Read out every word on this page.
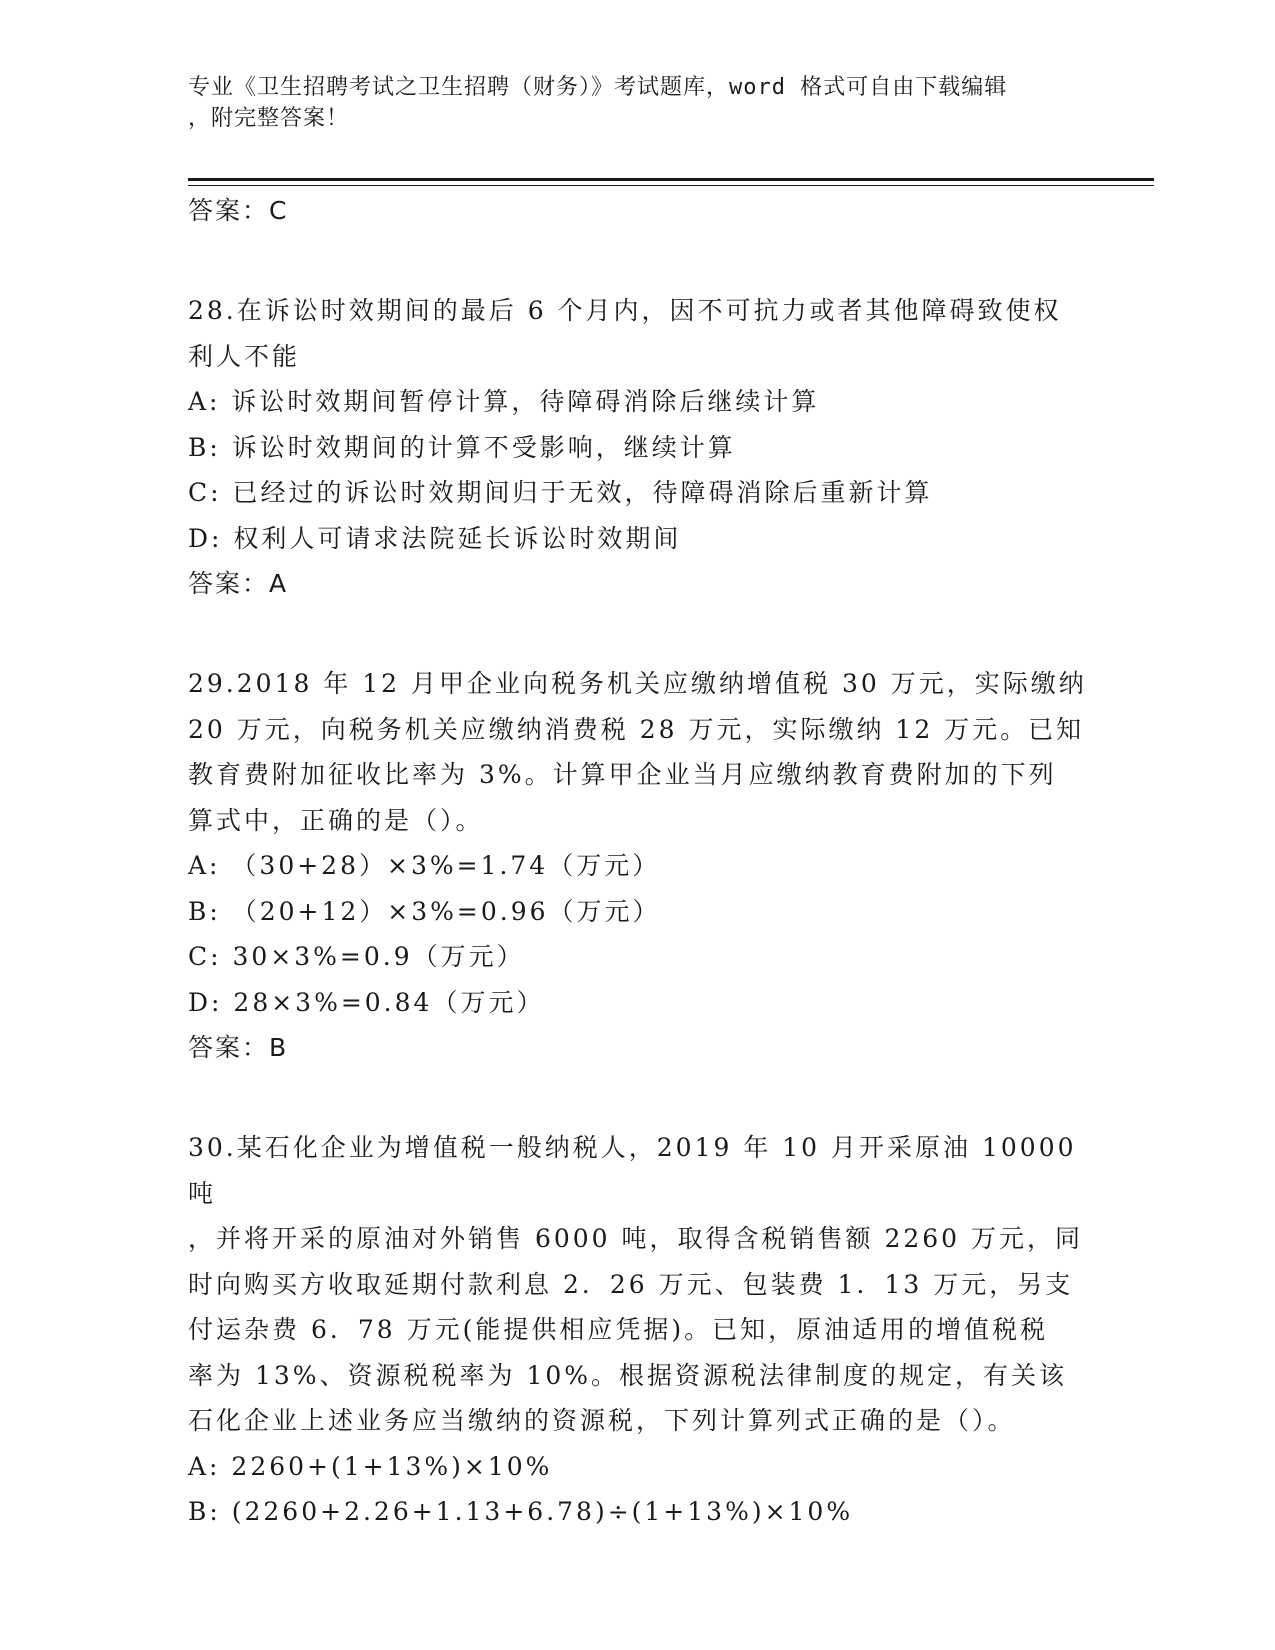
专业《卫生招聘考试之卫生招聘（财务）》考试题库，word 格式可自由下载编辑
，附完整答案！
答案：C
28.在诉讼时效期间的最后 6 个月内，因不可抗力或者其他障碍致使权
利人不能
A: 诉讼时效期间暂停计算，待障碍消除后继续计算
B: 诉讼时效期间的计算不受影响，继续计算
C: 已经过的诉讼时效期间归于无效，待障碍消除后重新计算
D: 权利人可请求法院延长诉讼时效期间
答案：A
29.2018 年 12 月甲企业向税务机关应缴纳增值税 30 万元，实际缴纳
20 万元，向税务机关应缴纳消费税 28 万元，实际缴纳 12 万元。已知
教育费附加征收比率为 3%。计算甲企业当月应缴纳教育费附加的下列
算式中，正确的是（）。
A: （30+28）×3%=1.74（万元）
B: （20+12）×3%=0.96（万元）
C: 30×3%=0.9（万元）
D: 28×3%=0.84（万元）
答案：B
30.某石化企业为增值税一般纳税人，2019 年 10 月开采原油 10000 吨
，并将开采的原油对外销售 6000 吨，取得含税销售额 2260 万元，同
时向购买方收取延期付款利息 2．26 万元、包装费 1．13 万元，另支
付运杂费 6．78 万元(能提供相应凭据)。已知，原油适用的增值税税
率为 13%、资源税税率为 10%。根据资源税法律制度的规定，有关该
石化企业上述业务应当缴纳的资源税，下列计算列式正确的是（）。
A: 2260+(1+13%)×10%
B: (2260+2.26+1.13+6.78)÷(1+13%)×10%
